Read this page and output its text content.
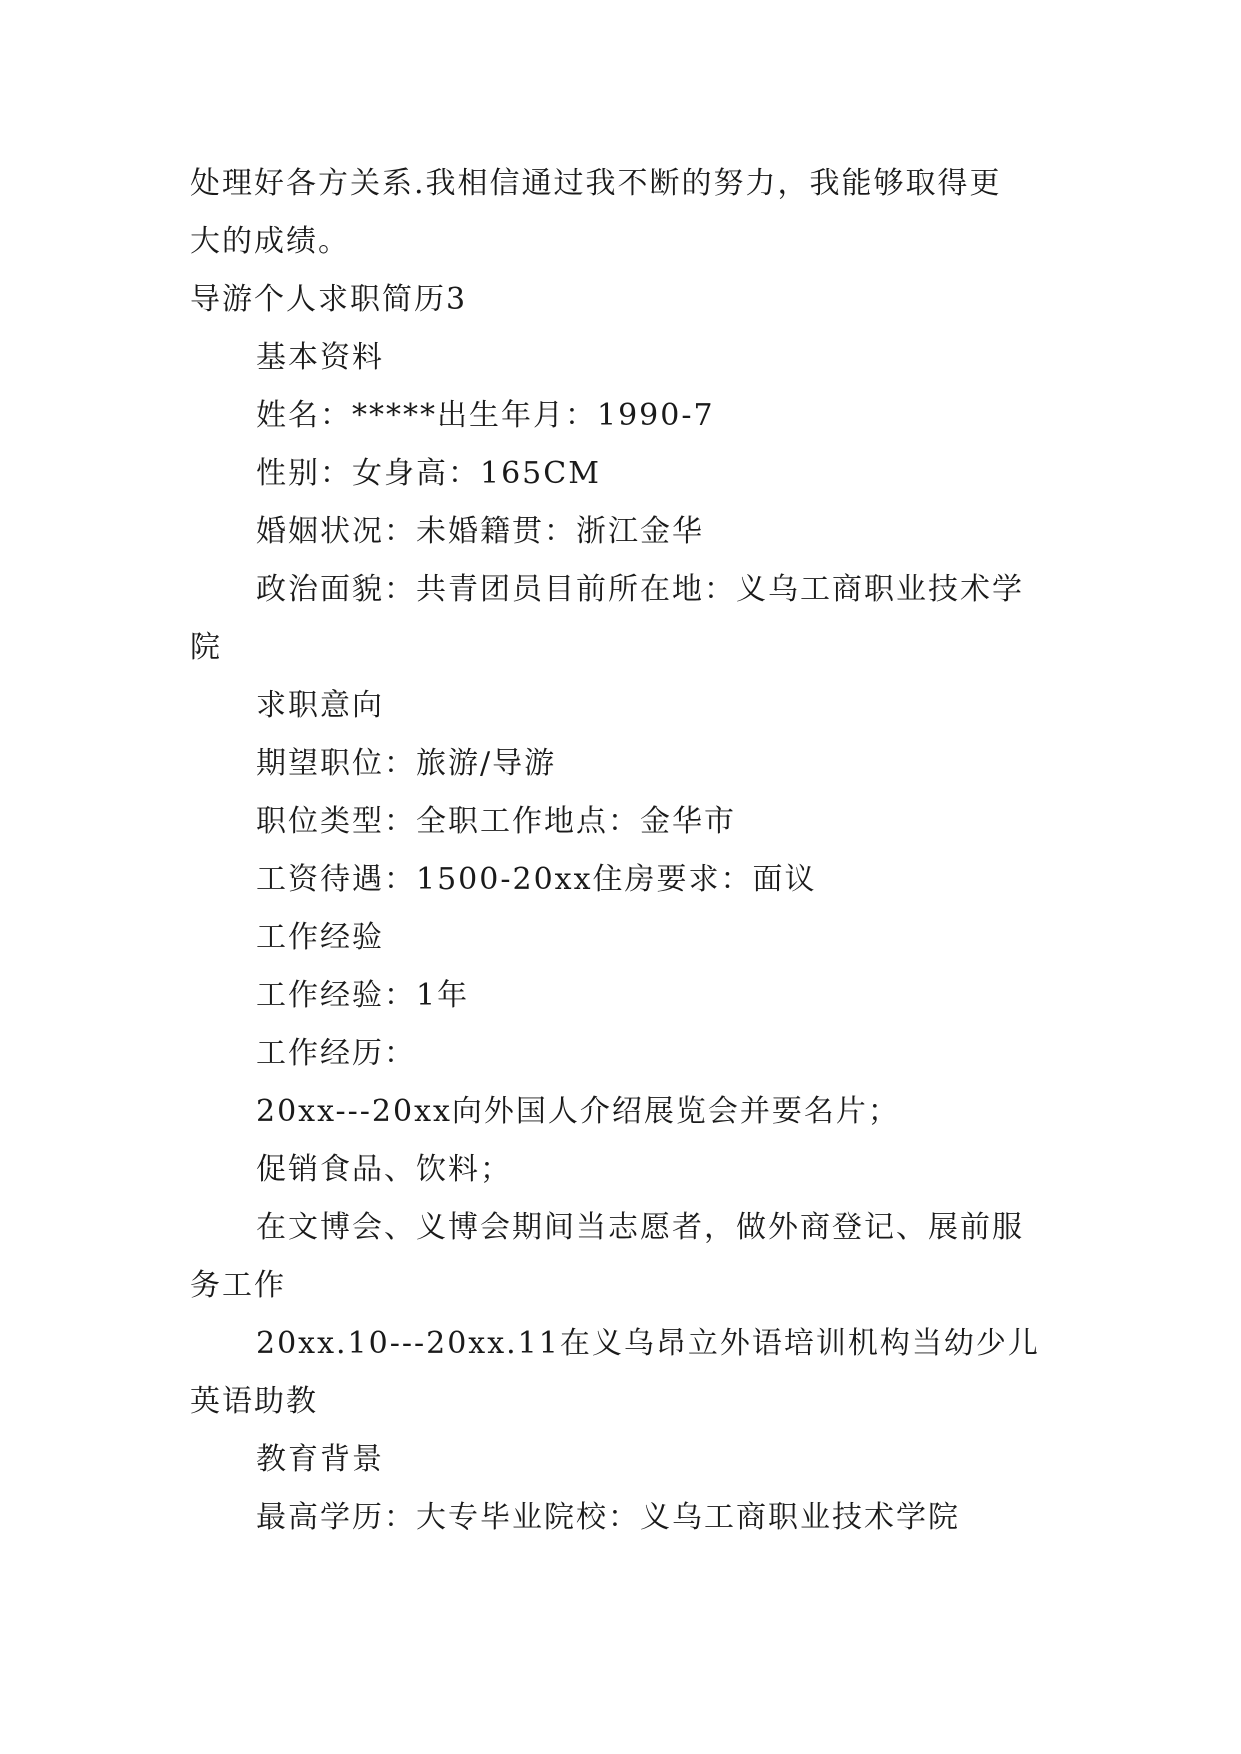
处理好各方关系.我相信通过我不断的努力，我能够取得更
大的成绩。
导游个人求职简历3
基本资料
姓名：*****出生年月：1990-7
性别：女身高：165CM
婚姻状况：未婚籍贯：浙江金华
政治面貌：共青团员目前所在地：义乌工商职业技术学
院
求职意向
期望职位：旅游/导游
职位类型：全职工作地点：金华市
工资待遇：1500-20xx住房要求：面议
工作经验
工作经验：1年
工作经历：
20xx---20xx向外国人介绍展览会并要名片；
促销食品、饮料；
在文博会、义博会期间当志愿者，做外商登记、展前服
务工作
20xx.10---20xx.11在义乌昂立外语培训机构当幼少儿
英语助教
教育背景
最高学历：大专毕业院校：义乌工商职业技术学院
